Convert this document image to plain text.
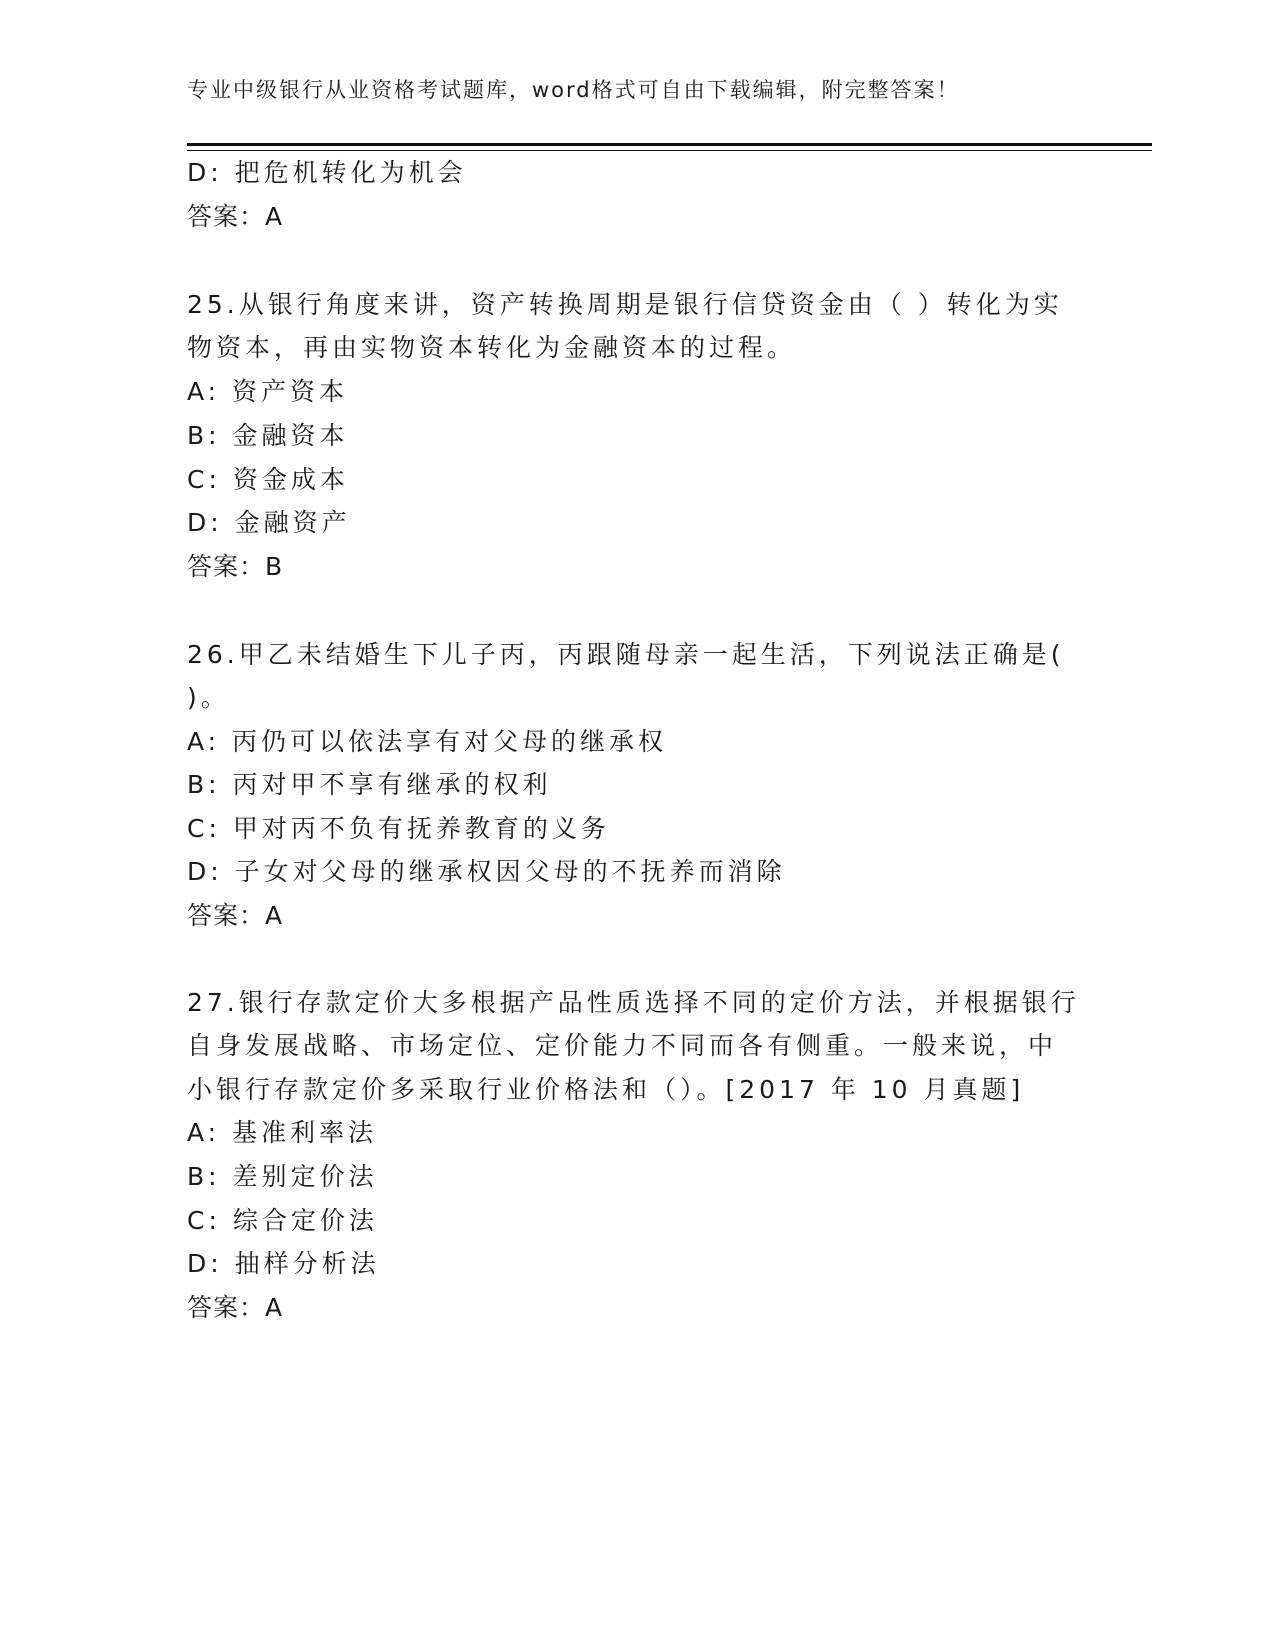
专业中级银行从业资格考试题库，word格式可自由下载编辑，附完整答案！
D: 把危机转化为机会
答案：A
25.从银行角度来讲，资产转换周期是银行信贷资金由（ ）转化为实
物资本，再由实物资本转化为金融资本的过程。
A: 资产资本
B: 金融资本
C: 资金成本
D: 金融资产
答案：B
26.甲乙未结婚生下儿子丙，丙跟随母亲一起生活，下列说法正确是(
)。
A: 丙仍可以依法享有对父母的继承权
B: 丙对甲不享有继承的权利
C: 甲对丙不负有抚养教育的义务
D: 子女对父母的继承权因父母的不抚养而消除
答案：A
27.银行存款定价大多根据产品性质选择不同的定价方法，并根据银行
自身发展战略、市场定位、定价能力不同而各有侧重。一般来说，中
小银行存款定价多采取行业价格法和（）。[2017 年 10 月真题]
A: 基准利率法
B: 差别定价法
C: 综合定价法
D: 抽样分析法
答案：A
